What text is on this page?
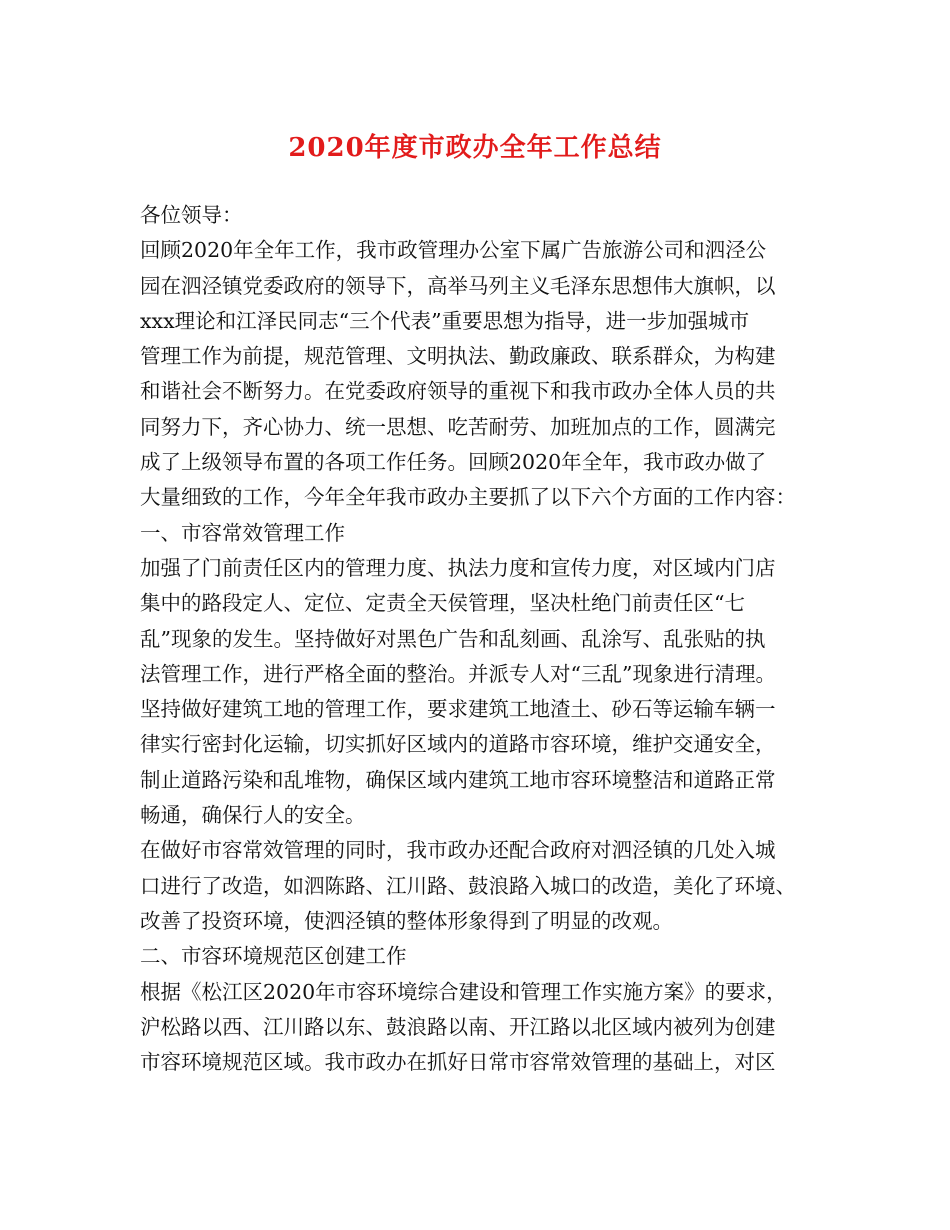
2020年度市政办全年工作总结
各位领导：
回顾2020年全年工作，我市政管理办公室下属广告旅游公司和泗泾公
园在泗泾镇党委政府的领导下，高举马列主义毛泽东思想伟大旗帜，以
xxx理论和江泽民同志“三个代表”重要思想为指导，进一步加强城市
管理工作为前提，规范管理、文明执法、勤政廉政、联系群众，为构建
和谐社会不断努力。在党委政府领导的重视下和我市政办全体人员的共
同努力下，齐心协力、统一思想、吃苦耐劳、加班加点的工作，圆满完
成了上级领导布置的各项工作任务。回顾2020年全年，我市政办做了
大量细致的工作，今年全年我市政办主要抓了以下六个方面的工作内容：
一、市容常效管理工作
加强了门前责任区内的管理力度、执法力度和宣传力度，对区域内门店
集中的路段定人、定位、定责全天侯管理，坚决杜绝门前责任区“七
乱”现象的发生。坚持做好对黑色广告和乱刻画、乱涂写、乱张贴的执
法管理工作，进行严格全面的整治。并派专人对“三乱”现象进行清理。
坚持做好建筑工地的管理工作，要求建筑工地渣土、砂石等运输车辆一
律实行密封化运输，切实抓好区域内的道路市容环境，维护交通安全，
制止道路污染和乱堆物，确保区域内建筑工地市容环境整洁和道路正常
畅通，确保行人的安全。
在做好市容常效管理的同时，我市政办还配合政府对泗泾镇的几处入城
口进行了改造，如泗陈路、江川路、鼓浪路入城口的改造，美化了环境、
改善了投资环境，使泗泾镇的整体形象得到了明显的改观。
二、市容环境规范区创建工作
根据《松江区2020年市容环境综合建设和管理工作实施方案》的要求，
沪松路以西、江川路以东、鼓浪路以南、开江路以北区域内被列为创建
市容环境规范区域。我市政办在抓好日常市容常效管理的基础上，对区
